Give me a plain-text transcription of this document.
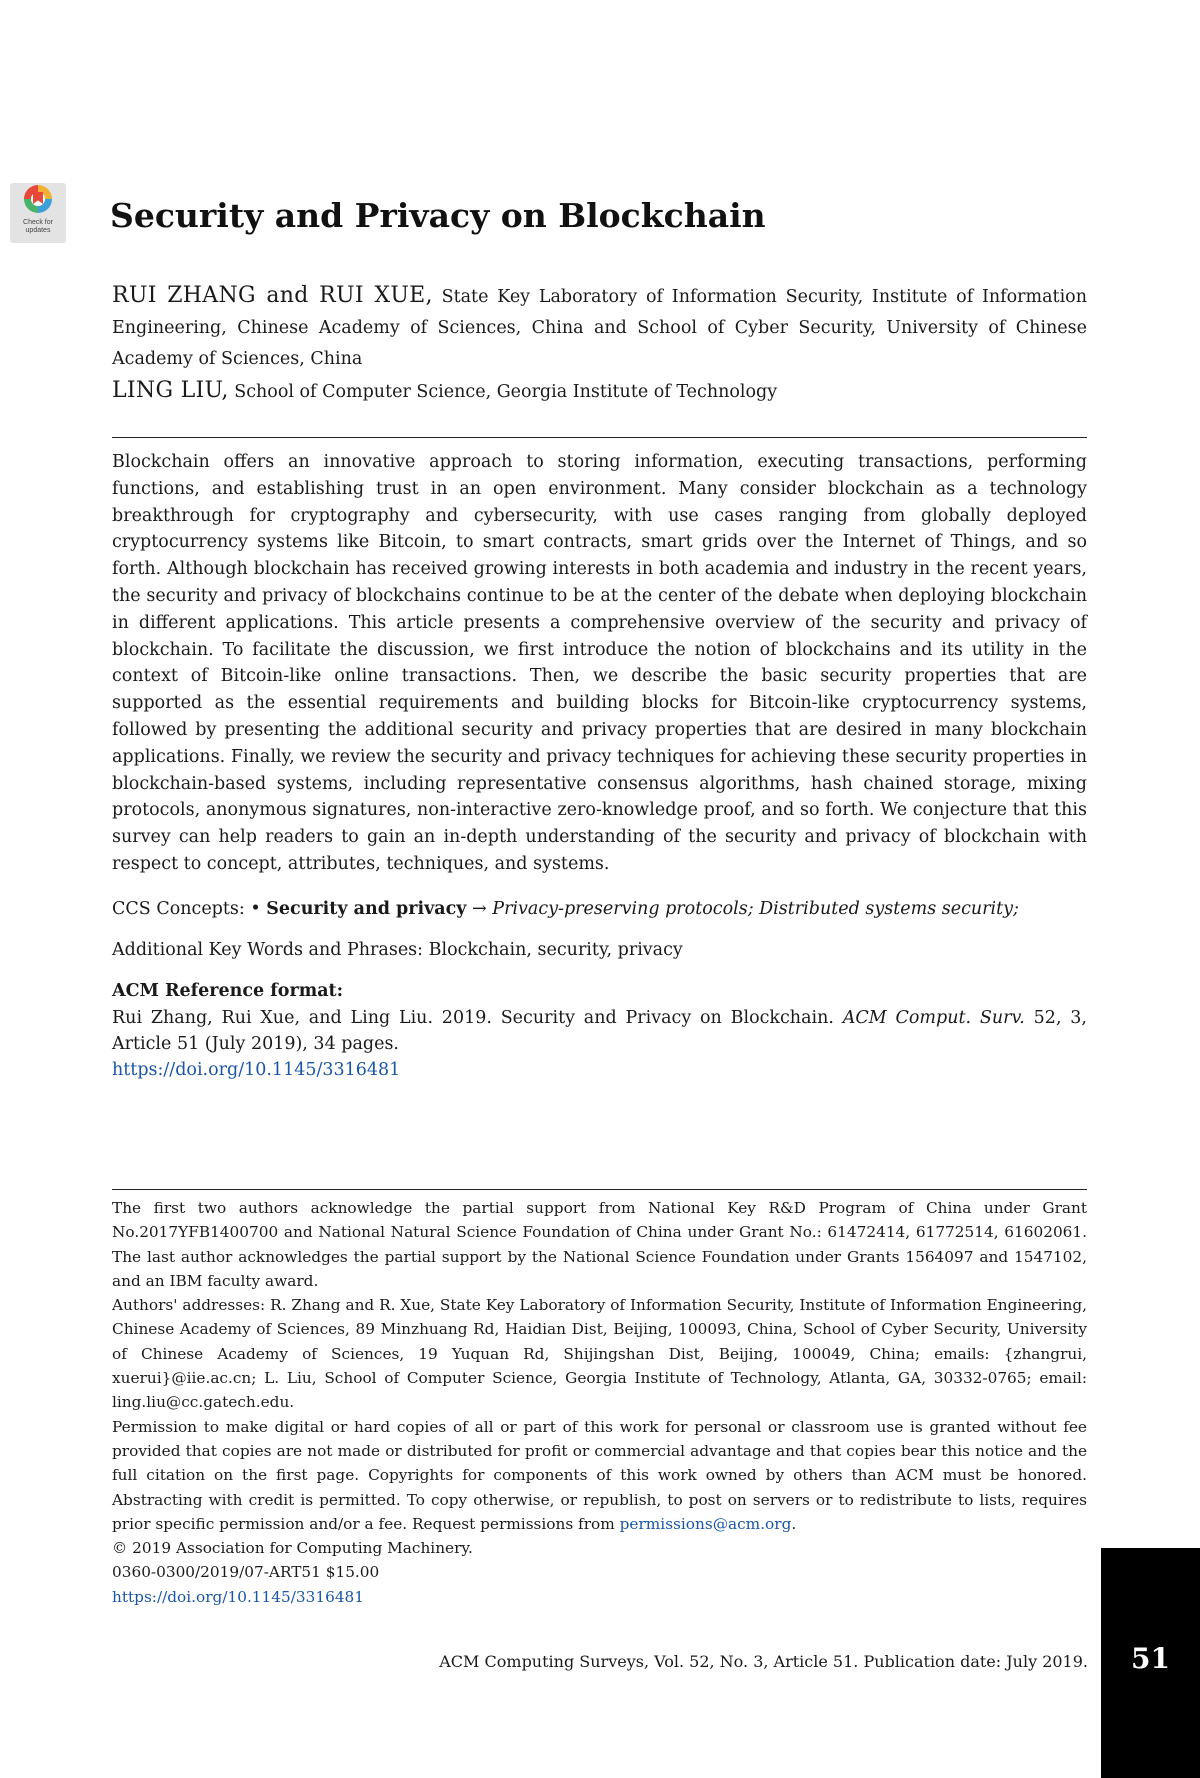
Check for updates	Security and Privacy on Blockchain
RUI ZHANG and RUI XUE, State Key Laboratory of Information Security, Institute of Information Engineering, Chinese Academy of Sciences, China and School of Cyber Security, University of Chinese Academy of Sciences, China
LING LIU, School of Computer Science, Georgia Institute of Technology

Blockchain offers an innovative approach to storing information, executing transactions, performing functions, and establishing trust in an open environment. Many consider blockchain as a technology breakthrough for cryptography and cybersecurity, with use cases ranging from globally deployed cryptocurrency systems like Bitcoin, to smart contracts, smart grids over the Internet of Things, and so forth. Although blockchain has received growing interests in both academia and industry in the recent years, the security and privacy of blockchains continue to be at the center of the debate when deploying blockchain in different applications. This article presents a comprehensive overview of the security and privacy of blockchain. To facilitate the discussion, we first introduce the notion of blockchains and its utility in the context of Bitcoin-like online transactions. Then, we describe the basic security properties that are supported as the essential requirements and building blocks for Bitcoin-like cryptocurrency systems, followed by presenting the additional security and privacy properties that are desired in many blockchain applications. Finally, we review the security and privacy techniques for achieving these security properties in blockchain-based systems, including representative consensus algorithms, hash chained storage, mixing protocols, anonymous signatures, non-interactive zero-knowledge proof, and so forth. We conjecture that this survey can help readers to gain an in-depth understanding of the security and privacy of blockchain with respect to concept, attributes, techniques, and systems.

CCS Concepts: • Security and privacy → Privacy-preserving protocols; Distributed systems security;

Additional Key Words and Phrases: Blockchain, security, privacy

ACM Reference format:

Rui Zhang, Rui Xue, and Ling Liu. 2019. Security and Privacy on Blockchain. ACM Comput. Surv. 52, 3, Article 51 (July 2019), 34 pages.
https://doi.org/10.1145/3316481

The first two authors acknowledge the partial support from National Key R&D Program of China under Grant No.2017YFB1400700 and National Natural Science Foundation of China under Grant No.: 61472414, 61772514, 61602061. The last author acknowledges the partial support by the National Science Foundation under Grants 1564097 and 1547102, and an IBM faculty award.

Authors' addresses: R. Zhang and R. Xue, State Key Laboratory of Information Security, Institute of Information Engineering, Chinese Academy of Sciences, 89 Minzhuang Rd, Haidian Dist, Beijing, 100093, China, School of Cyber Security, University of Chinese Academy of Sciences, 19 Yuquan Rd, Shijingshan Dist, Beijing, 100049, China; emails: {zhangrui, xuerui}@iie.ac.cn; L. Liu, School of Computer Science, Georgia Institute of Technology, Atlanta, GA, 30332-0765; email: ling.liu@cc.gatech.edu.

Permission to make digital or hard copies of all or part of this work for personal or classroom use is granted without fee provided that copies are not made or distributed for profit or commercial advantage and that copies bear this notice and the full citation on the first page. Copyrights for components of this work owned by others than ACM must be honored. Abstracting with credit is permitted. To copy otherwise, or republish, to post on servers or to redistribute to lists, requires prior specific permission and/or a fee. Request permissions from permissions@acm.org.

© 2019 Association for Computing Machinery.

0360-0300/2019/07-ART51 $15.00

https://doi.org/10.1145/3316481

ACM Computing Surveys, Vol. 52, No. 3, Article 51. Publication date: July 2019.	51
